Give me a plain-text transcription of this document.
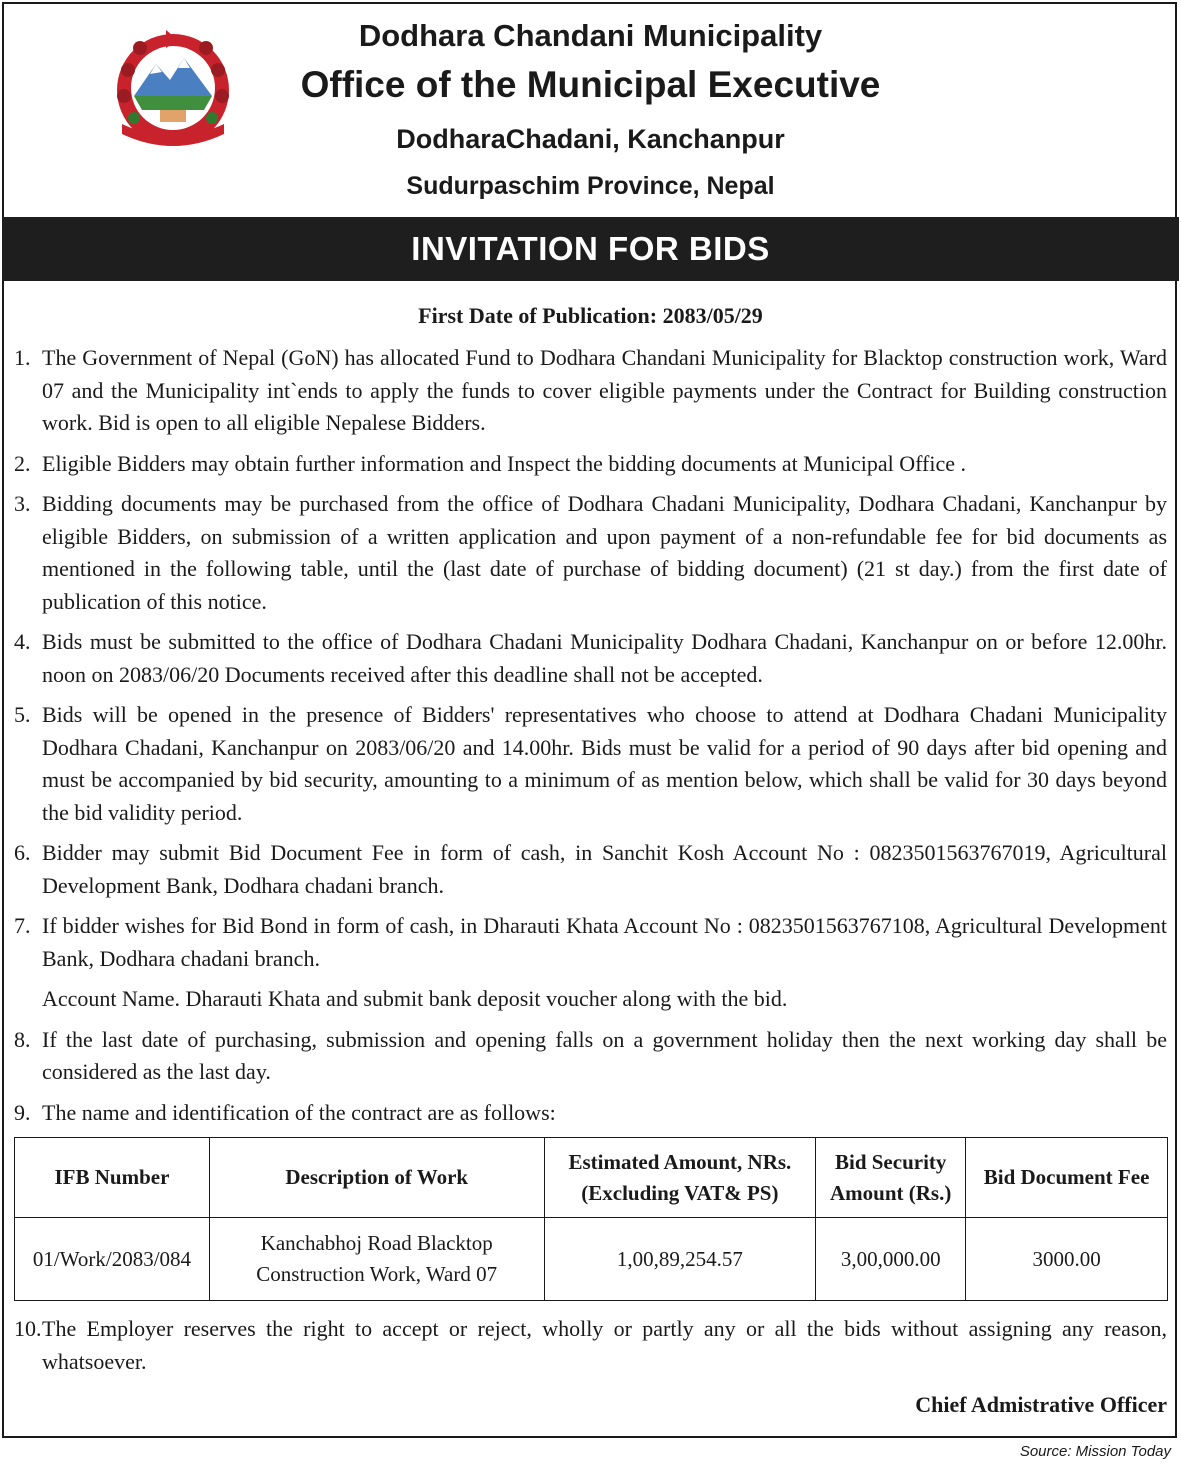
Dodhara Chandani Municipality
Office of the Municipal Executive
DodharaChadani, Kanchanpur
Sudurpaschim Province, Nepal
INVITATION FOR BIDS
First Date of Publication: 2083/05/29
1. The Government of Nepal (GoN) has allocated Fund to Dodhara Chandani Municipality for Blacktop construction work, Ward 07 and the Municipality int`ends to apply the funds to cover eligible payments under the Contract for Building construction work. Bid is open to all eligible Nepalese Bidders.
2. Eligible Bidders may obtain further information and Inspect the bidding documents at Municipal Office .
3. Bidding documents may be purchased from the office of Dodhara Chadani Municipality, Dodhara Chadani, Kanchanpur by eligible Bidders, on submission of a written application and upon payment of a non-refundable fee for bid documents as mentioned in the following table, until the (last date of purchase of bidding document) (21 st day.) from the first date of publication of this notice.
4. Bids must be submitted to the office of Dodhara Chadani Municipality Dodhara Chadani, Kanchanpur on or before 12.00hr. noon on 2083/06/20 Documents received after this deadline shall not be accepted.
5. Bids will be opened in the presence of Bidders' representatives who choose to attend at Dodhara Chadani Municipality Dodhara Chadani, Kanchanpur on 2083/06/20 and 14.00hr. Bids must be valid for a period of 90 days after bid opening and must be accompanied by bid security, amounting to a minimum of as mention below, which shall be valid for 30 days beyond the bid validity period.
6. Bidder may submit Bid Document Fee in form of cash, in Sanchit Kosh Account No : 0823501563767019, Agricultural Development Bank, Dodhara chadani branch.
7. If bidder wishes for Bid Bond in form of cash, in Dharauti Khata Account No : 0823501563767108, Agricultural Development Bank, Dodhara chadani branch.
Account Name. Dharauti Khata and submit bank deposit voucher along with the bid.
8. If the last date of purchasing, submission and opening falls on a government holiday then the next working day shall be considered as the last day.
9. The name and identification of the contract are as follows:
IFB Number	Description of Work	Estimated Amount, NRs. (Excluding VAT& PS)	Bid Security Amount (Rs.)	Bid Document Fee
01/Work/2083/084	Kanchabhoj Road Blacktop Construction Work, Ward 07	1,00,89,254.57	3,00,000.00	3000.00
10. The Employer reserves the right to accept or reject, wholly or partly any or all the bids without assigning any reason, whatsoever.
Chief Admistrative Officer
Source: Mission Today
